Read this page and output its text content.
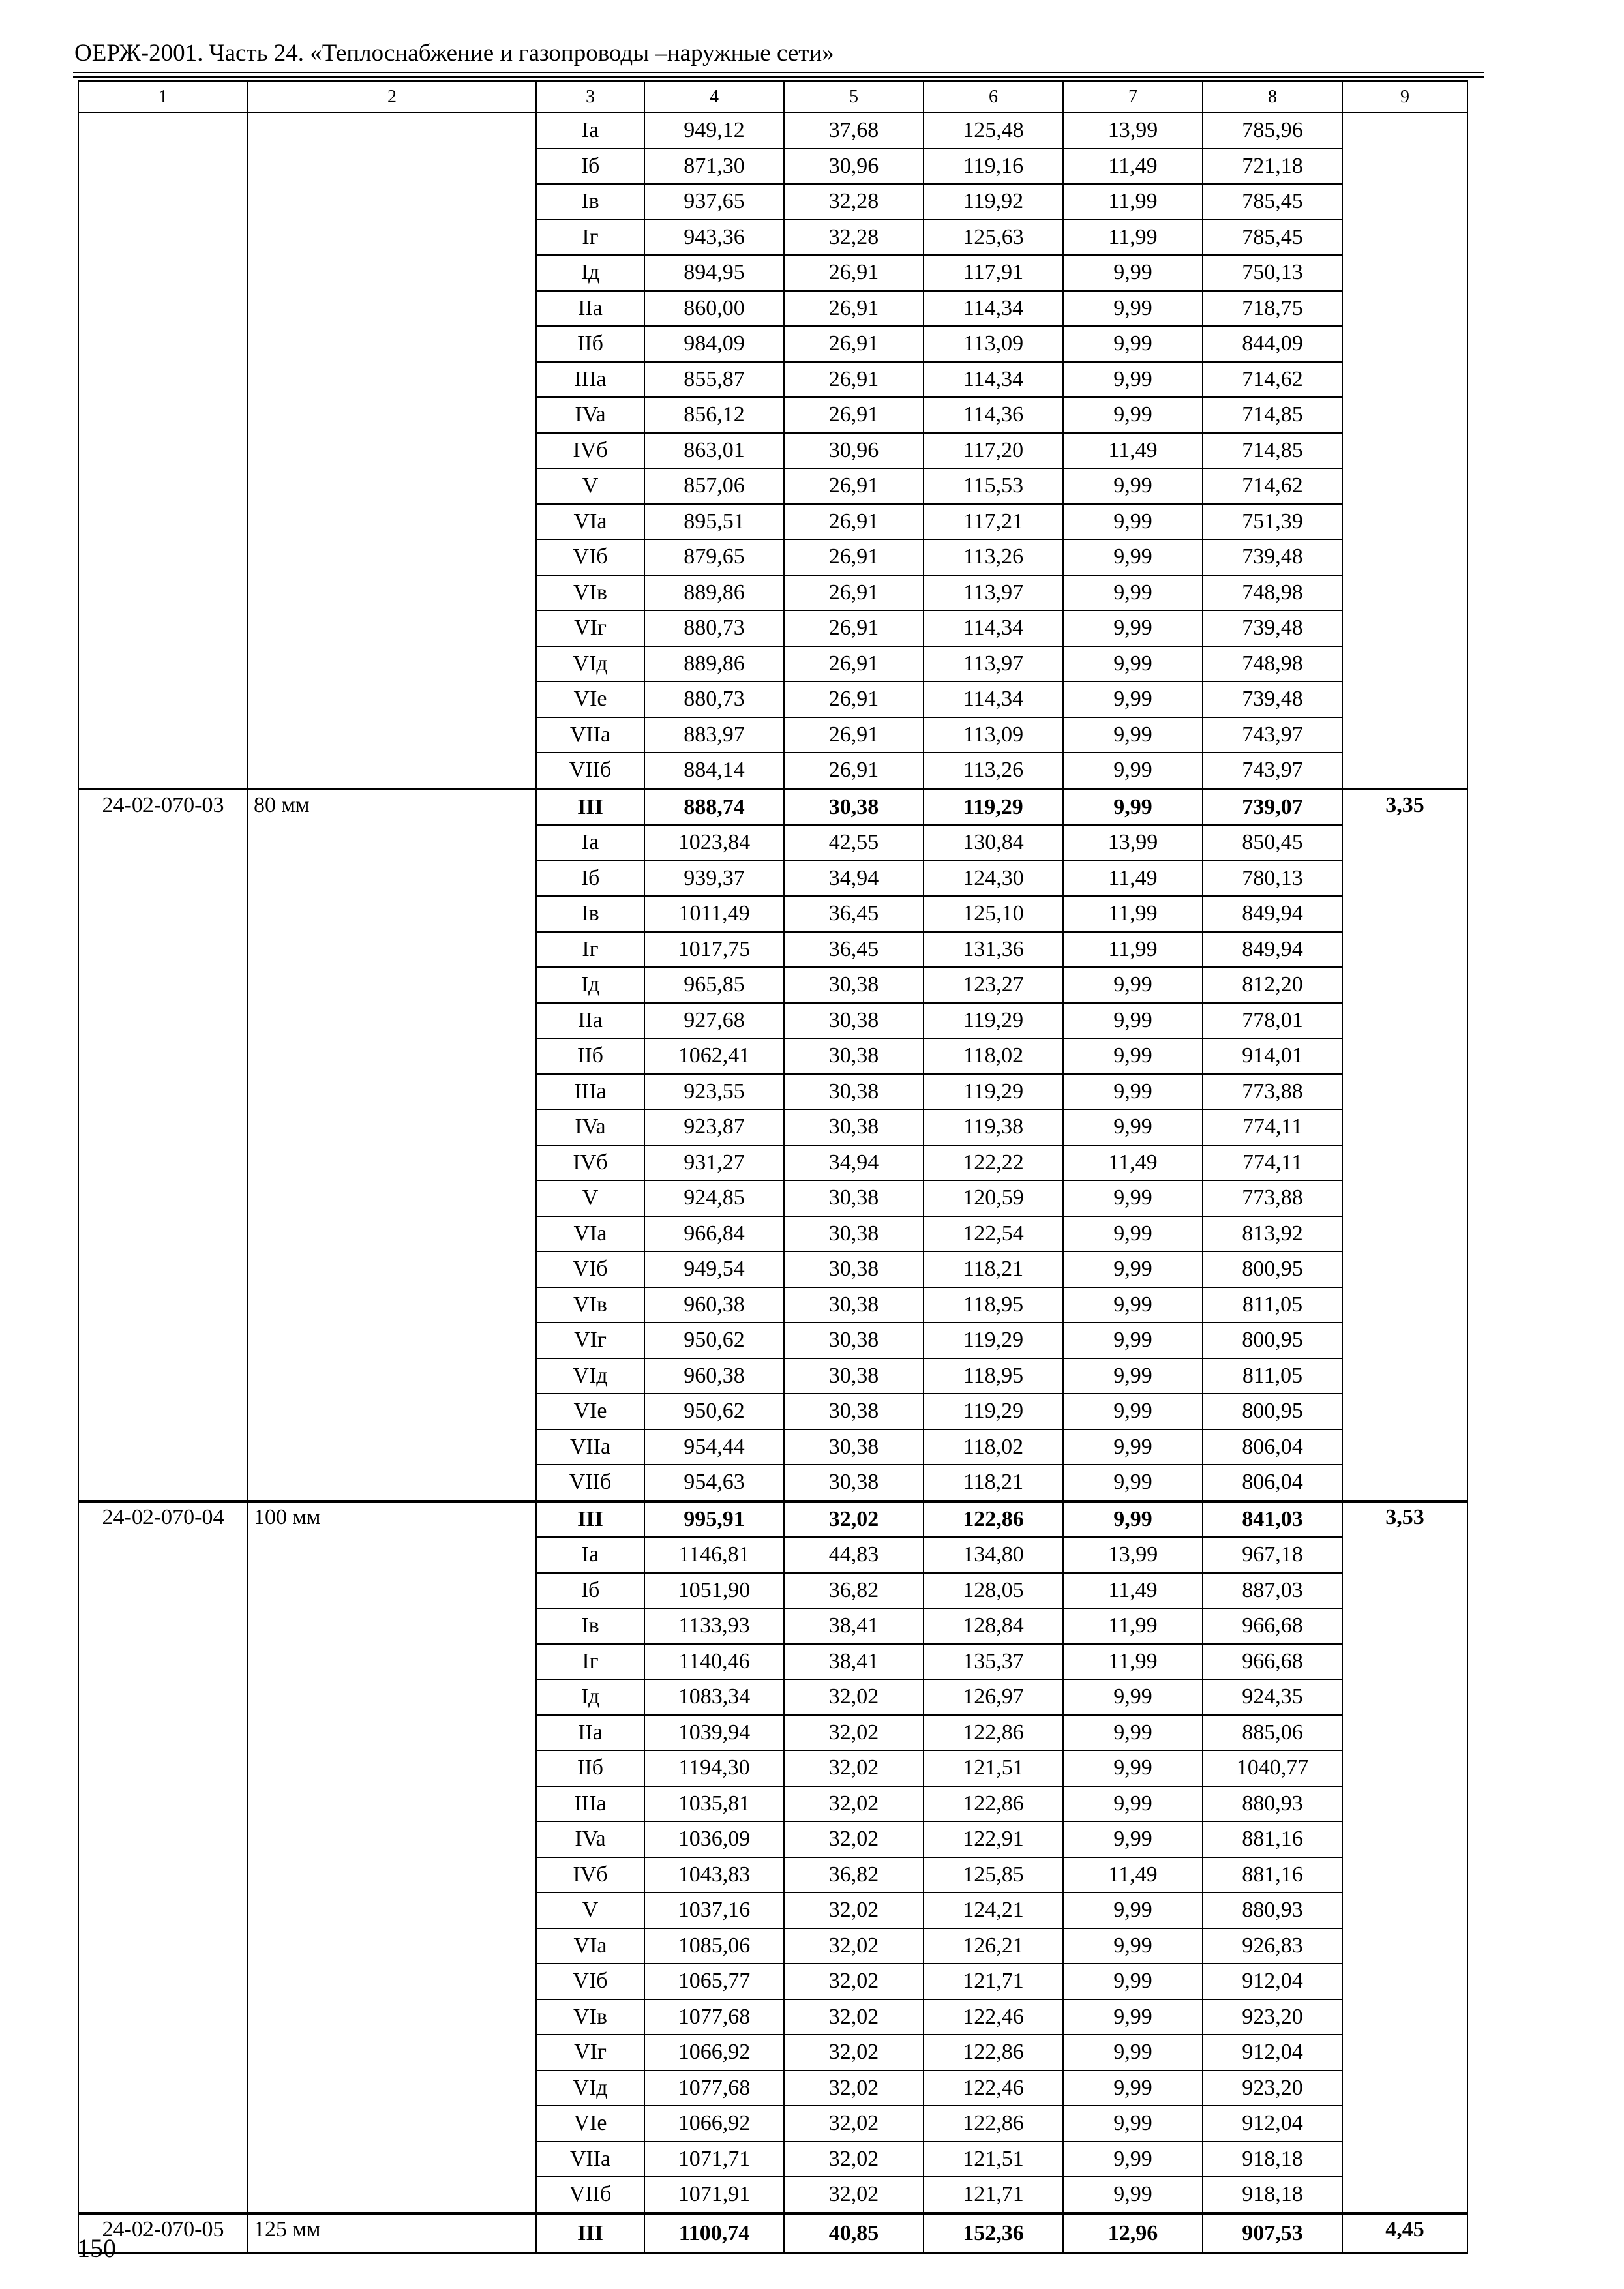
ОЕРЖ-2001. Часть 24. «Теплоснабжение и газопроводы –наружные сети»
1	2	3	4	5	6	7	8	9
		Ia	949,12	37,68	125,48	13,99	785,96	
		Iб	871,30	30,96	119,16	11,49	721,18	
		Iв	937,65	32,28	119,92	11,99	785,45	
		Iг	943,36	32,28	125,63	11,99	785,45	
		Iд	894,95	26,91	117,91	9,99	750,13	
		IIa	860,00	26,91	114,34	9,99	718,75	
		IIб	984,09	26,91	113,09	9,99	844,09	
		IIIa	855,87	26,91	114,34	9,99	714,62	
		IVa	856,12	26,91	114,36	9,99	714,85	
		IVб	863,01	30,96	117,20	11,49	714,85	
		V	857,06	26,91	115,53	9,99	714,62	
		VIa	895,51	26,91	117,21	9,99	751,39	
		VIб	879,65	26,91	113,26	9,99	739,48	
		VIв	889,86	26,91	113,97	9,99	748,98	
		VIг	880,73	26,91	114,34	9,99	739,48	
		VIд	889,86	26,91	113,97	9,99	748,98	
		VIe	880,73	26,91	114,34	9,99	739,48	
		VIIa	883,97	26,91	113,09	9,99	743,97	
		VIIб	884,14	26,91	113,26	9,99	743,97	
24-02-070-03	80 мм	III	888,74	30,38	119,29	9,99	739,07	3,35
		Ia	1023,84	42,55	130,84	13,99	850,45	
		Iб	939,37	34,94	124,30	11,49	780,13	
		Iв	1011,49	36,45	125,10	11,99	849,94	
		Iг	1017,75	36,45	131,36	11,99	849,94	
		Iд	965,85	30,38	123,27	9,99	812,20	
		IIa	927,68	30,38	119,29	9,99	778,01	
		IIб	1062,41	30,38	118,02	9,99	914,01	
		IIIa	923,55	30,38	119,29	9,99	773,88	
		IVa	923,87	30,38	119,38	9,99	774,11	
		IVб	931,27	34,94	122,22	11,49	774,11	
		V	924,85	30,38	120,59	9,99	773,88	
		VIa	966,84	30,38	122,54	9,99	813,92	
		VIб	949,54	30,38	118,21	9,99	800,95	
		VIв	960,38	30,38	118,95	9,99	811,05	
		VIг	950,62	30,38	119,29	9,99	800,95	
		VIд	960,38	30,38	118,95	9,99	811,05	
		VIe	950,62	30,38	119,29	9,99	800,95	
		VIIa	954,44	30,38	118,02	9,99	806,04	
		VIIб	954,63	30,38	118,21	9,99	806,04	
24-02-070-04	100 мм	III	995,91	32,02	122,86	9,99	841,03	3,53
		Ia	1146,81	44,83	134,80	13,99	967,18	
		Iб	1051,90	36,82	128,05	11,49	887,03	
		Iв	1133,93	38,41	128,84	11,99	966,68	
		Iг	1140,46	38,41	135,37	11,99	966,68	
		Iд	1083,34	32,02	126,97	9,99	924,35	
		IIa	1039,94	32,02	122,86	9,99	885,06	
		IIб	1194,30	32,02	121,51	9,99	1040,77	
		IIIa	1035,81	32,02	122,86	9,99	880,93	
		IVa	1036,09	32,02	122,91	9,99	881,16	
		IVб	1043,83	36,82	125,85	11,49	881,16	
		V	1037,16	32,02	124,21	9,99	880,93	
		VIa	1085,06	32,02	126,21	9,99	926,83	
		VIб	1065,77	32,02	121,71	9,99	912,04	
		VIв	1077,68	32,02	122,46	9,99	923,20	
		VIг	1066,92	32,02	122,86	9,99	912,04	
		VIд	1077,68	32,02	122,46	9,99	923,20	
		VIe	1066,92	32,02	122,86	9,99	912,04	
		VIIa	1071,71	32,02	121,51	9,99	918,18	
		VIIб	1071,91	32,02	121,71	9,99	918,18	
24-02-070-05	125 мм	III	1100,74	40,85	152,36	12,96	907,53	4,45
150
